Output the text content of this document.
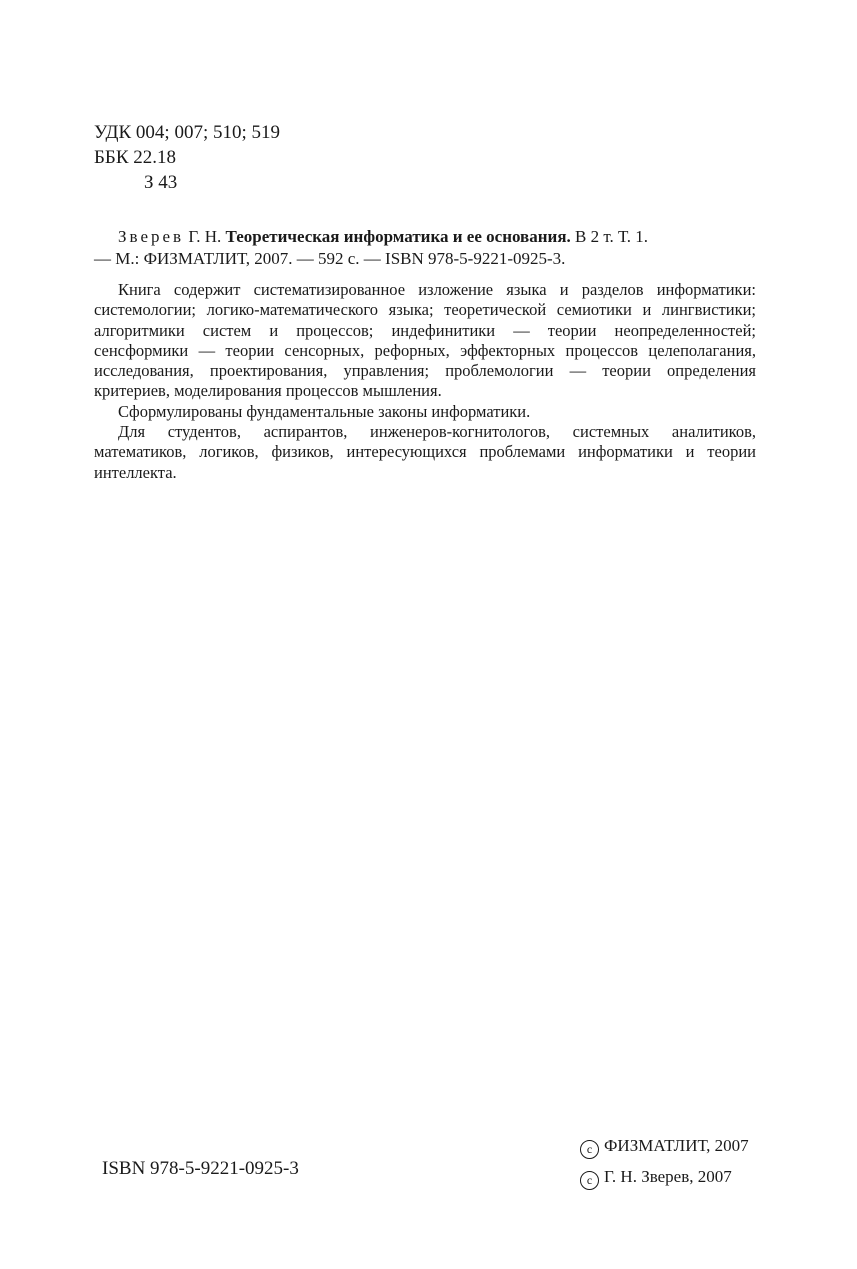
УДК 004; 007; 510; 519
ББК 22.18
З 43
Зверев Г. Н. Теоретическая информатика и ее основания. В 2 т. Т. 1.
— М.: ФИЗМАТЛИТ, 2007. — 592 с. — ISBN 978-5-9221-0925-3.

Книга содержит систематизированное изложение языка и разделов информатики: системологии; логико-математического языка; теоретической семиотики и лингвистики; алгоритмики систем и процессов; индефинитики — теории неопределенностей; сенсформики — теории сенсорных, рефорных, эффекторных процессов целеполагания, исследования, проектирования, управления; проблемологии — теории определения критериев, моделирования процессов мышления.

Сформулированы фундаментальные законы информатики.

Для студентов, аспирантов, инженеров-когнитологов, системных аналитиков, математиков, логиков, физиков, интересующихся проблемами информатики и теории интеллекта.

ISBN 978-5-9221-0925-3
c ФИЗМАТЛИТ, 2007
c Г. Н. Зверев, 2007
